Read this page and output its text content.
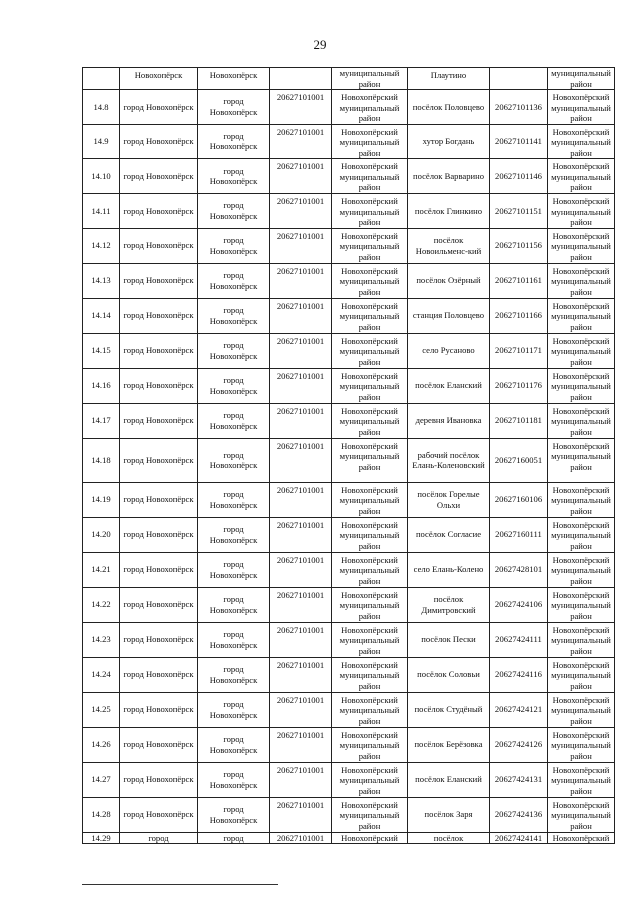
29
	Новохопёрск	Новохопёрск		муниципальный район	Плаутино		муниципальный район
14.8	город Новохопёрск	город Новохопёрск	20627101001	Новохопёрский муниципальный район	посёлок Половцево	20627101136	Новохопёрский муниципальный район
14.9	город Новохопёрск	город Новохопёрск	20627101001	Новохопёрский муниципальный район	хутор Богдань	20627101141	Новохопёрский муниципальный район
14.10	город Новохопёрск	город Новохопёрск	20627101001	Новохопёрский муниципальный район	посёлок Варварино	20627101146	Новохопёрский муниципальный район
14.11	город Новохопёрск	город Новохопёрск	20627101001	Новохопёрский муниципальный район	посёлок Глинкино	20627101151	Новохопёрский муниципальный район
14.12	город Новохопёрск	город Новохопёрск	20627101001	Новохопёрский муниципальный район	посёлок Новоильменс-кий	20627101156	Новохопёрский муниципальный район
14.13	город Новохопёрск	город Новохопёрск	20627101001	Новохопёрский муниципальный район	посёлок Озёрный	20627101161	Новохопёрский муниципальный район
14.14	город Новохопёрск	город Новохопёрск	20627101001	Новохопёрский муниципальный район	станция Половцево	20627101166	Новохопёрский муниципальный район
14.15	город Новохопёрск	город Новохопёрск	20627101001	Новохопёрский муниципальный район	село Русаново	20627101171	Новохопёрский муниципальный район
14.16	город Новохопёрск	город Новохопёрск	20627101001	Новохопёрский муниципальный район	посёлок Еланский	20627101176	Новохопёрский муниципальный район
14.17	город Новохопёрск	город Новохопёрск	20627101001	Новохопёрский муниципальный район	деревня Ивановка	20627101181	Новохопёрский муниципальный район
14.18	город Новохопёрск	город Новохопёрск	20627101001	Новохопёрский муниципальный район	рабочий посёлок Елань-Коленовский	20627160051	Новохопёрский муниципальный район
14.19	город Новохопёрск	город Новохопёрск	20627101001	Новохопёрский муниципальный район	посёлок Горелые Ольхи	20627160106	Новохопёрский муниципальный район
14.20	город Новохопёрск	город Новохопёрск	20627101001	Новохопёрский муниципальный район	посёлок Согласие	20627160111	Новохопёрский муниципальный район
14.21	город Новохопёрск	город Новохопёрск	20627101001	Новохопёрский муниципальный район	село Елань-Колено	20627428101	Новохопёрский муниципальный район
14.22	город Новохопёрск	город Новохопёрск	20627101001	Новохопёрский муниципальный район	посёлок Димитровский	20627424106	Новохопёрский муниципальный район
14.23	город Новохопёрск	город Новохопёрск	20627101001	Новохопёрский муниципальный район	посёлок Пески	20627424111	Новохопёрский муниципальный район
14.24	город Новохопёрск	город Новохопёрск	20627101001	Новохопёрский муниципальный район	посёлок Соловьи	20627424116	Новохопёрский муниципальный район
14.25	город Новохопёрск	город Новохопёрск	20627101001	Новохопёрский муниципальный район	посёлок Студёный	20627424121	Новохопёрский муниципальный район
14.26	город Новохопёрск	город Новохопёрск	20627101001	Новохопёрский муниципальный район	посёлок Берёзовка	20627424126	Новохопёрский муниципальный район
14.27	город Новохопёрск	город Новохопёрск	20627101001	Новохопёрский муниципальный район	посёлок Еланский	20627424131	Новохопёрский муниципальный район
14.28	город Новохопёрск	город Новохопёрск	20627101001	Новохопёрский муниципальный район	посёлок Заря	20627424136	Новохопёрский муниципальный район
14.29	город	город	20627101001	Новохопёрский	посёлок	20627424141	Новохопёрский
